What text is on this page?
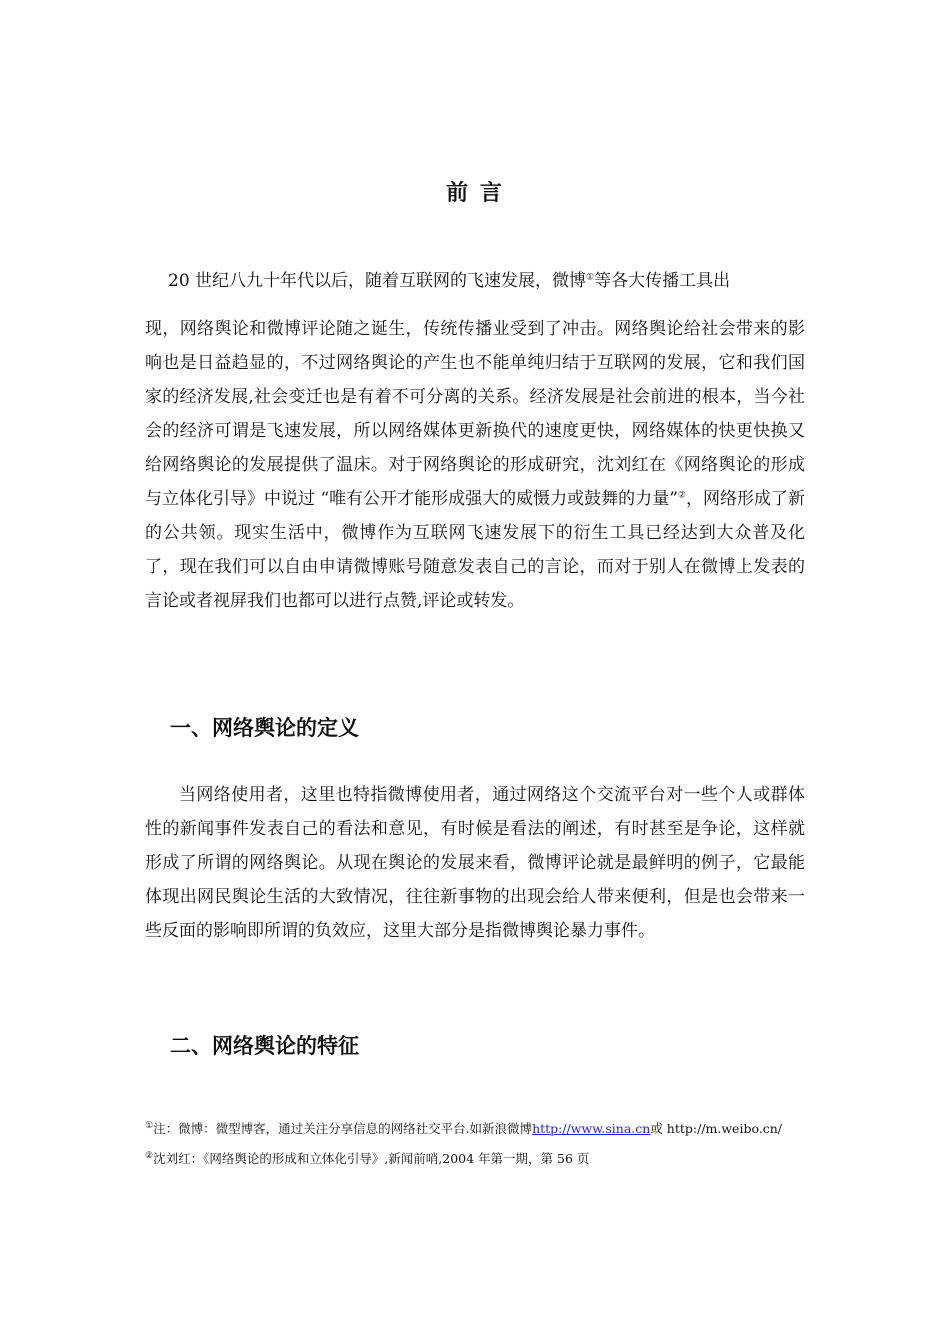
前 言

20 世纪八九十年代以后，随着互联网的飞速发展，微博①等各大传播工具出

现，网络舆论和微博评论随之诞生，传统传播业受到了冲击。网络舆论给社会带来的影响也是日益趋显的，不过网络舆论的产生也不能单纯归结于互联网的发展，它和我们国家的经济发展,社会变迁也是有着不可分离的关系。经济发展是社会前进的根本，当今社会的经济可谓是飞速发展，所以网络媒体更新换代的速度更快，网络媒体的快更快换又给网络舆论的发展提供了温床。对于网络舆论的形成研究，沈刘红在《网络舆论的形成与立体化引导》中说过 “唯有公开才能形成强大的威慑力或鼓舞的力量”②，网络形成了新的公共领。现实生活中，微博作为互联网飞速发展下的衍生工具已经达到大众普及化了，现在我们可以自由申请微博账号随意发表自己的言论，而对于别人在微博上发表的言论或者视屏我们也都可以进行点赞,评论或转发。

一、网络舆论的定义

当网络使用者，这里也特指微博使用者，通过网络这个交流平台对一些个人或群体性的新闻事件发表自己的看法和意见，有时候是看法的阐述，有时甚至是争论，这样就形成了所谓的网络舆论。从现在舆论的发展来看，微博评论就是最鲜明的例子，它最能体现出网民舆论生活的大致情况，往往新事物的出现会给人带来便利，但是也会带来一些反面的影响即所谓的负效应，这里大部分是指微博舆论暴力事件。

二、网络舆论的特征

①注：微博：微型博客，通过关注分享信息的网络社交平台.如新浪微博http://www.sina.cn或 http://m.weibo.cn/

②沈刘红：《网络舆论的形成和立体化引导》,新闻前哨,2004 年第一期，第 56 页
